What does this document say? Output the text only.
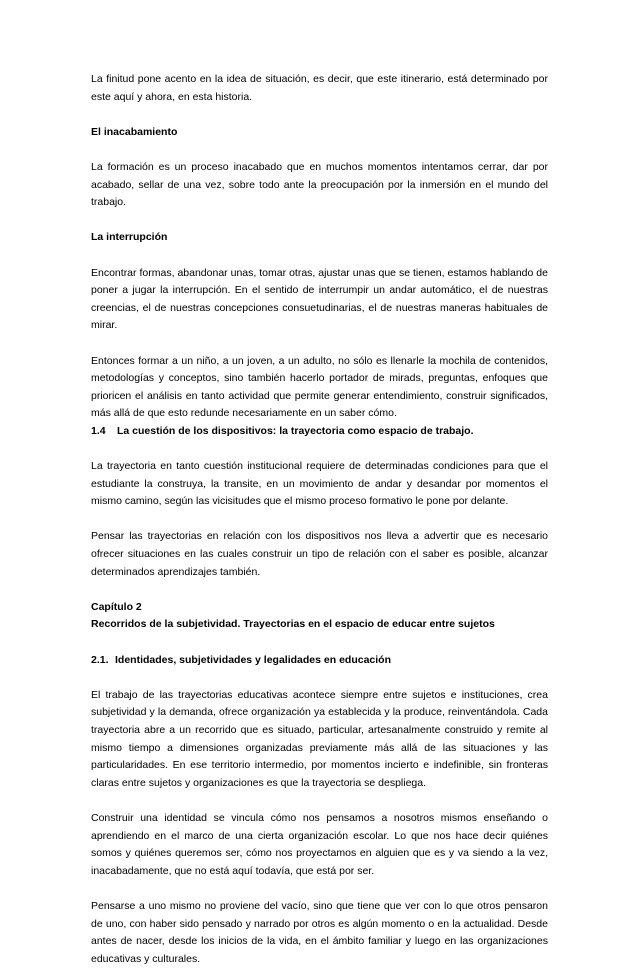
La finitud pone acento en la idea de situación, es decir, que este itinerario, está determinado por este aquí y ahora, en esta historia.

El inacabamiento

La formación es un proceso inacabado que en muchos momentos intentamos cerrar, dar por acabado, sellar de una vez, sobre todo ante la preocupación por la inmersión en el mundo del trabajo.

La interrupción

Encontrar formas, abandonar unas, tomar otras, ajustar unas que se tienen, estamos hablando de poner a jugar la interrupción. En el sentido de interrumpir un andar automático, el de nuestras creencias, el de nuestras concepciones consuetudinarias, el de nuestras maneras habituales de mirar.

Entonces formar a un niño, a un joven, a un adulto, no sólo es llenarle la mochila de contenidos, metodologías y conceptos, sino también hacerlo portador de mirads, preguntas, enfoques que prioricen el análisis en tanto actividad que permite generar entendimiento, construir significados, más allá de que esto redunde necesariamente en un saber cómo.

1.4 La cuestión de los dispositivos: la trayectoria como espacio de trabajo.

La trayectoria en tanto cuestión institucional requiere de determinadas condiciones para que el estudiante la construya, la transite, en un movimiento de andar y desandar por momentos el mismo camino, según las vicisitudes que el mismo proceso formativo le pone por delante.

Pensar las trayectorias en relación con los dispositivos nos lleva a advertir que es necesario ofrecer situaciones en las cuales construir un tipo de relación con el saber es posible, alcanzar determinados aprendizajes también.

Capítulo 2

Recorridos de la subjetividad. Trayectorias en el espacio de educar entre sujetos

2.1. Identidades, subjetividades y legalidades en educación

El trabajo de las trayectorias educativas acontece siempre entre sujetos e instituciones, crea subjetividad y la demanda, ofrece organización ya establecida y la produce, reinventándola. Cada trayectoria abre a un recorrido que es situado, particular, artesanalmente construido y remite al mismo tiempo a dimensiones organizadas previamente más allá de las situaciones y las particularidades. En ese territorio intermedio, por momentos incierto e indefinible, sin fronteras claras entre sujetos y organizaciones es que la trayectoria se despliega.

Construir una identidad se vincula cómo nos pensamos a nosotros mismos enseñando o aprendiendo en el marco de una cierta organización escolar. Lo que nos hace decir quiénes somos y quiénes queremos ser, cómo nos proyectamos en alguien que es y va siendo a la vez, inacabadamente, que no está aquí todavía, que está por ser.

Pensarse a uno mismo no proviene del vacío, sino que tiene que ver con lo que otros pensaron de uno, con haber sido pensado y narrado por otros es algún momento o en la actualidad. Desde antes de nacer, desde los inicios de la vida, en el ámbito familiar y luego en las organizaciones educativas y culturales.
